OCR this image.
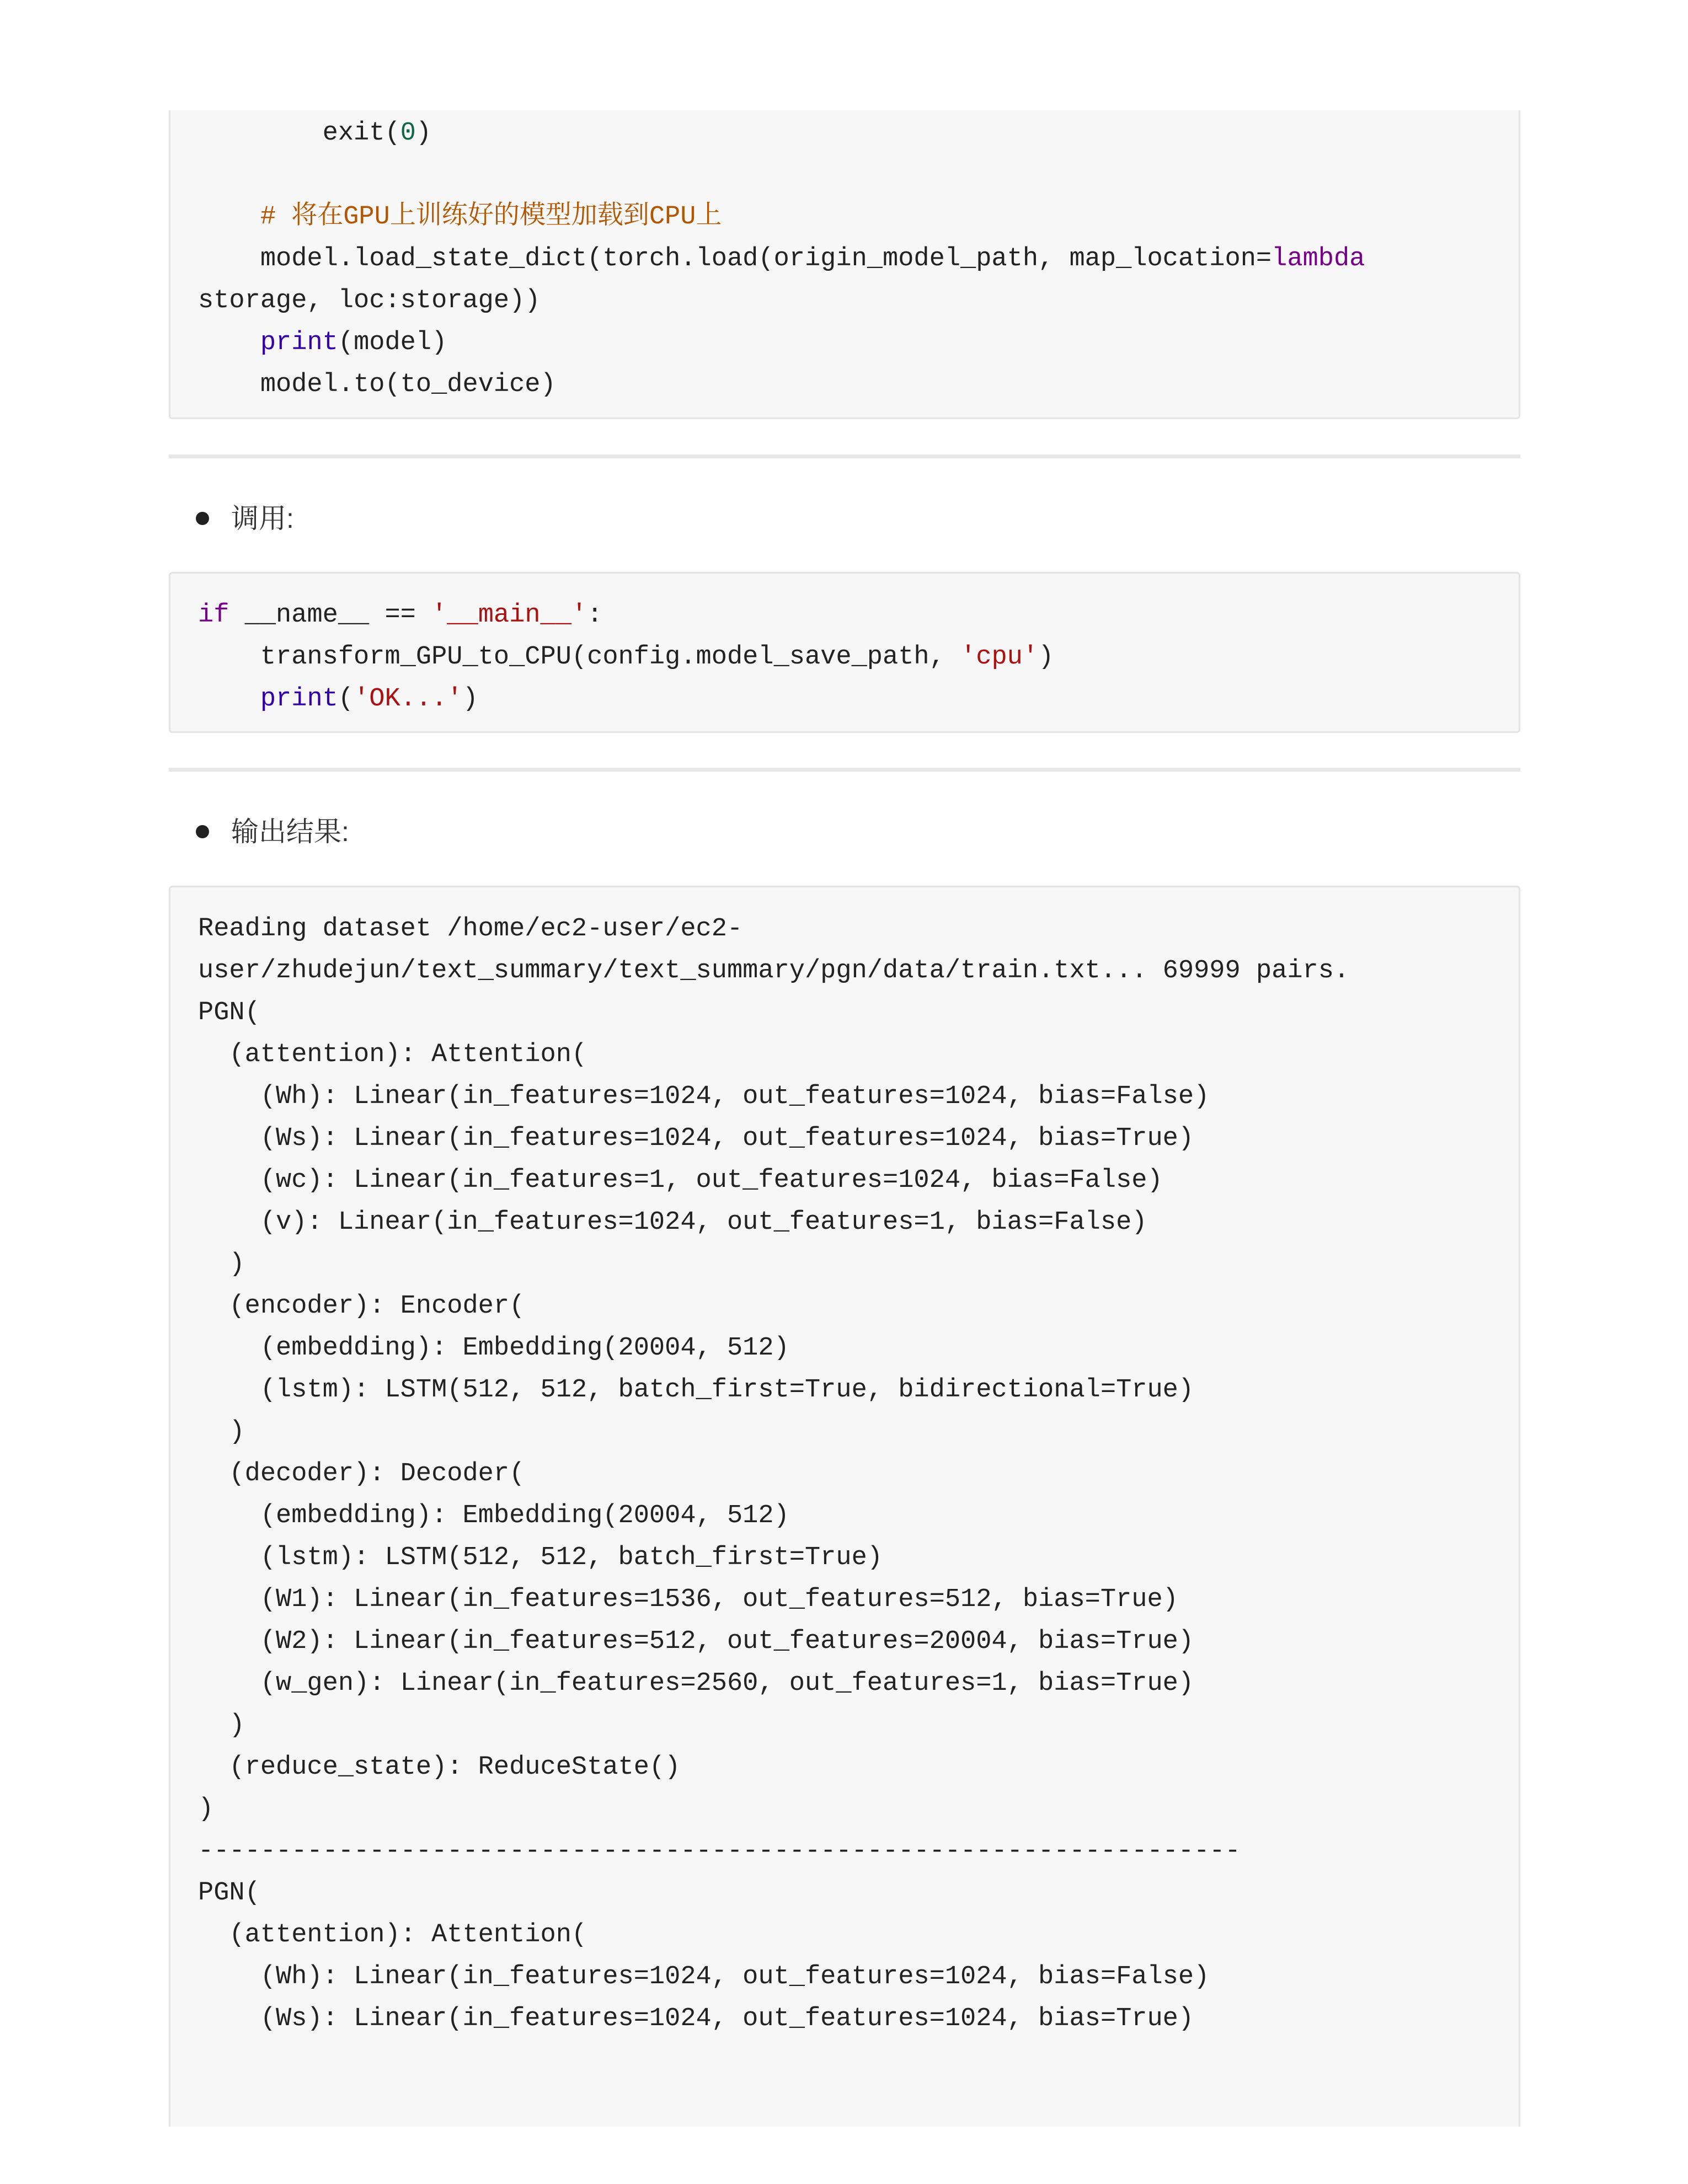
exit(0)
# 将在GPU上训练好的模型加载到CPU上
model.load_state_dict(torch.load(origin_model_path, map_location=lambda
storage, loc:storage))
print(model)
model.to(to_device)
调用:
if __name__ == '__main__':
transform_GPU_to_CPU(config.model_save_path, 'cpu')
print('OK...')
输出结果:
Reading dataset /home/ec2-user/ec2-
user/zhudejun/text_summary/text_summary/pgn/data/train.txt... 69999 pairs.
PGN(
(attention): Attention(
(Wh): Linear(in_features=1024, out_features=1024, bias=False)
(Ws): Linear(in_features=1024, out_features=1024, bias=True)
(wc): Linear(in_features=1, out_features=1024, bias=False)
(v): Linear(in_features=1024, out_features=1, bias=False)
)
(encoder): Encoder(
(embedding): Embedding(20004, 512)
(lstm): LSTM(512, 512, batch_first=True, bidirectional=True)
)
(decoder): Decoder(
(embedding): Embedding(20004, 512)
(lstm): LSTM(512, 512, batch_first=True)
(W1): Linear(in_features=1536, out_features=512, bias=True)
(W2): Linear(in_features=512, out_features=20004, bias=True)
(w_gen): Linear(in_features=2560, out_features=1, bias=True)
)
(reduce_state): ReduceState()
)
-------------------------------------------------------------------
PGN(
(attention): Attention(
(Wh): Linear(in_features=1024, out_features=1024, bias=False)
(Ws): Linear(in_features=1024, out_features=1024, bias=True)
